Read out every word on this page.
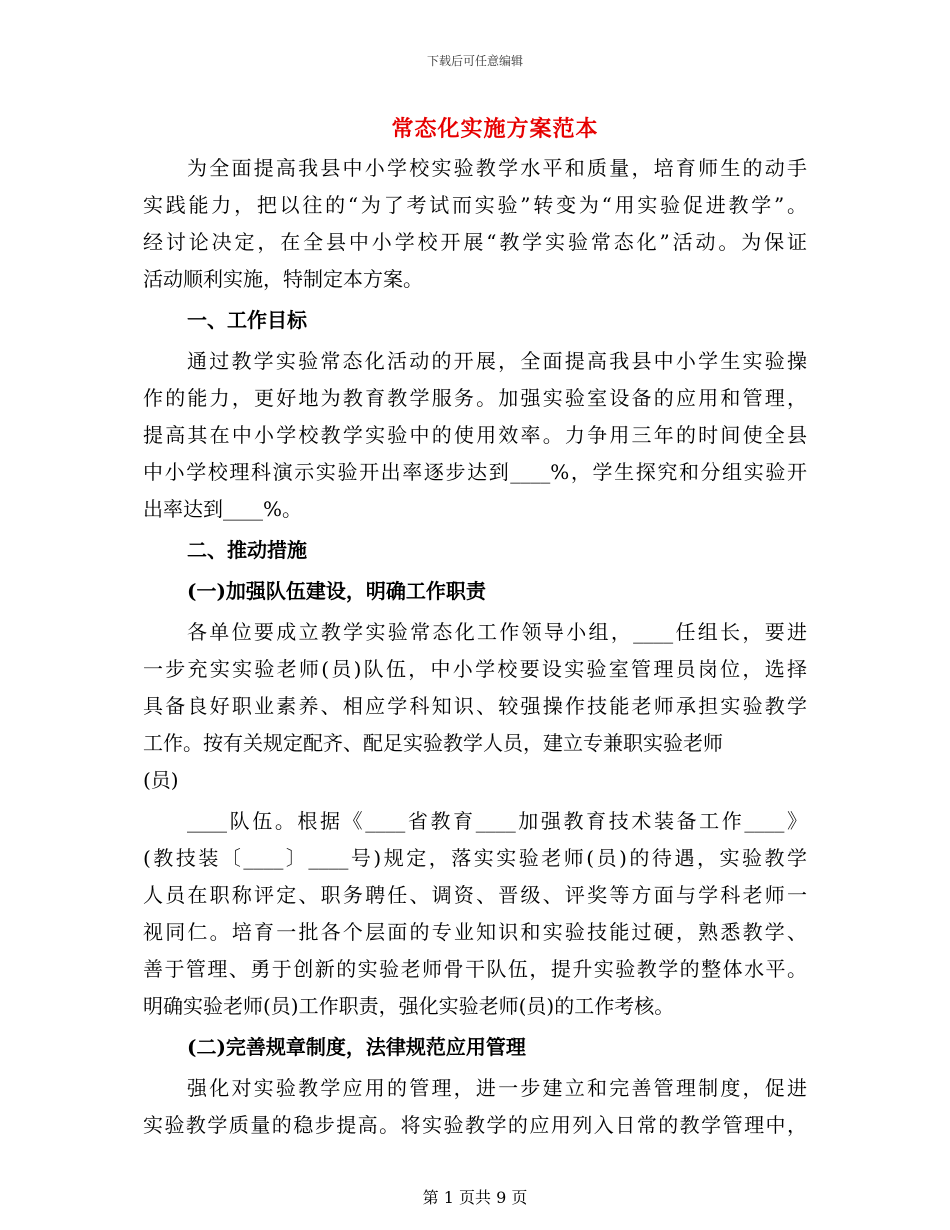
下载后可任意编辑
常态化实施方案范本
为全面提高我县中小学校实验教学水平和质量，培育师生的动手
实践能力，把以往的“为了考试而实验”转变为“用实验促进教学”。
经讨论决定，在全县中小学校开展“教学实验常态化”活动。为保证
活动顺利实施，特制定本方案。
一、工作目标
通过教学实验常态化活动的开展，全面提高我县中小学生实验操
作的能力，更好地为教育教学服务。加强实验室设备的应用和管理，
提高其在中小学校教学实验中的使用效率。力争用三年的时间使全县
中小学校理科演示实验开出率逐步达到____%，学生探究和分组实验开
出率达到____%。
二、推动措施
(一)加强队伍建设，明确工作职责
各单位要成立教学实验常态化工作领导小组，____任组长，要进
一步充实实验老师(员)队伍，中小学校要设实验室管理员岗位，选择
具备良好职业素养、相应学科知识、较强操作技能老师承担实验教学
工作。按有关规定配齐、配足实验教学人员，建立专兼职实验老师
(员)
____队伍。根据《____省教育____加强教育技术装备工作____》
(教技装〔____〕____号)规定，落实实验老师(员)的待遇，实验教学
人员在职称评定、职务聘任、调资、晋级、评奖等方面与学科老师一
视同仁。培育一批各个层面的专业知识和实验技能过硬，熟悉教学、
善于管理、勇于创新的实验老师骨干队伍，提升实验教学的整体水平。
明确实验老师(员)工作职责，强化实验老师(员)的工作考核。
(二)完善规章制度，法律规范应用管理
强化对实验教学应用的管理，进一步建立和完善管理制度，促进
实验教学质量的稳步提高。将实验教学的应用列入日常的教学管理中，
第 1 页共 9 页
